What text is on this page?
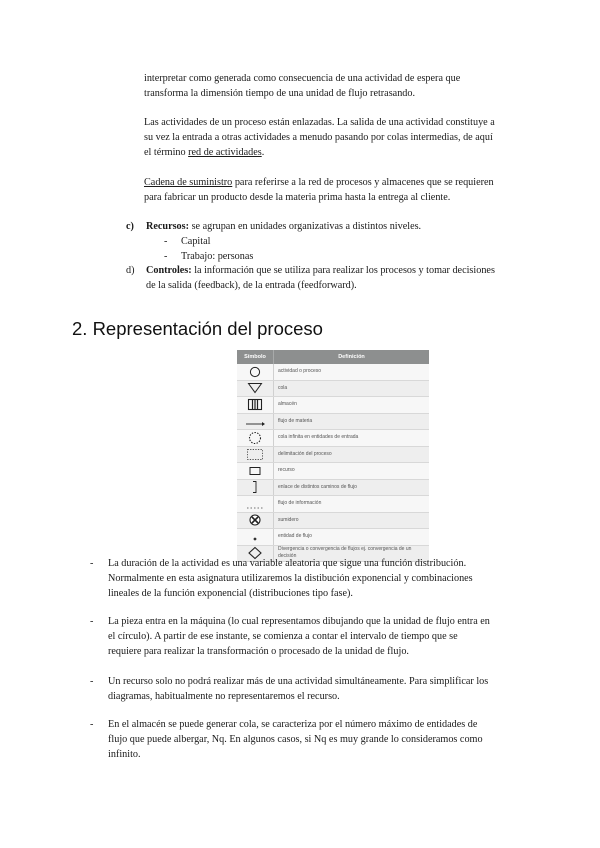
interpretar como generada como consecuencia de una actividad de espera que
transforma la dimensión tiempo de una unidad de flujo retrasando.
Las actividades de un proceso están enlazadas. La salida de una actividad constituye a
su vez la entrada a otras actividades a menudo pasando por colas intermedias, de aquí
el término red de actividades.
Cadena de suministro para referirse a la red de procesos y almacenes que se requieren
para fabricar un producto desde la materia prima hasta la entrega al cliente.
c) Recursos: se agrupan en unidades organizativas a distintos niveles.
- Capital
- Trabajo: personas
d) Controles: la información que se utiliza para realizar los procesos y tomar decisiones
de la salida (feedback), de la entrada (feedforward).
2. Representación del proceso
Símbolo	Definición
actividad o proceso
cola
almacén
flujo de materia
cola infinita en entidades de entrada
delimitación del proceso
recurso
enlace de distintos caminos de flujo
flujo de información
sumidero
entidad de flujo
Divergencia o convergencia de flujos ej. convergencia de un decisión
- La duración de la actividad es una variable aleatoria que sigue una función distribución.
Normalmente en esta asignatura utilizaremos la distibución exponencial y combinaciones
lineales de la función exponencial (distribuciones tipo fase).
- La pieza entra en la máquina (lo cual representamos dibujando que la unidad de flujo entra en
el círculo). A partir de ese instante, se comienza a contar el intervalo de tiempo que se
requiere para realizar la transformación o procesado de la unidad de flujo.
- Un recurso solo no podrá realizar más de una actividad simultáneamente. Para simplificar los
diagramas, habitualmente no representaremos el recurso.
- En el almacén se puede generar cola, se caracteriza por el número máximo de entidades de
flujo que puede albergar, Nq. En algunos casos, si Nq es muy grande lo consideramos como
infinito.
